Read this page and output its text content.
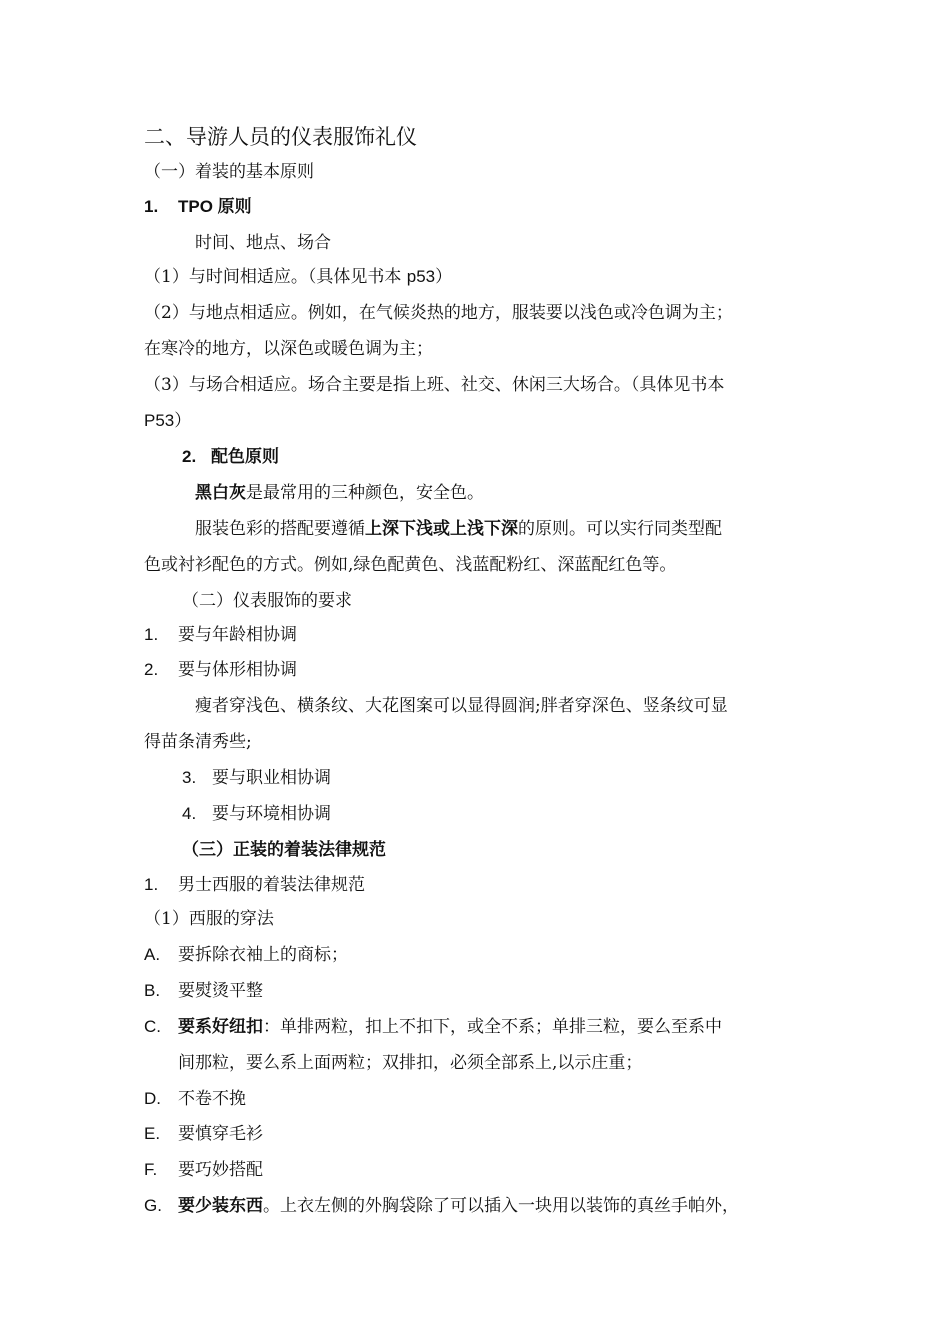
二、导游人员的仪表服饰礼仪
（一）着装的基本原则
1. TPO 原则
时间、地点、场合
（1）与时间相适应。（具体见书本 p53）
（2）与地点相适应。例如，在气候炎热的地方，服装要以浅色或冷色调为主；
在寒冷的地方，以深色或暖色调为主；
（3）与场合相适应。场合主要是指上班、社交、休闲三大场合。（具体见书本
P53）
2. 配色原则
黑白灰是最常用的三种颜色，安全色。
服装色彩的搭配要遵循上深下浅或上浅下深的原则。可以实行同类型配
色或衬衫配色的方式。例如,绿色配黄色、浅蓝配粉红、深蓝配红色等。
（二）仪表服饰的要求
1. 要与年龄相协调
2. 要与体形相协调
瘦者穿浅色、横条纹、大花图案可以显得圆润;胖者穿深色、竖条纹可显
得苗条清秀些;
3. 要与职业相协调
4. 要与环境相协调
（三）正装的着装法律规范
1. 男士西服的着装法律规范
（1）西服的穿法
A. 要拆除衣袖上的商标；
B. 要熨烫平整
C. 要系好纽扣：单排两粒，扣上不扣下，或全不系；单排三粒，要么至系中
间那粒，要么系上面两粒；双排扣，必须全部系上,以示庄重；
D. 不卷不挽
E. 要慎穿毛衫
F. 要巧妙搭配
G. 要少装东西。上衣左侧的外胸袋除了可以插入一块用以装饰的真丝手帕外，
